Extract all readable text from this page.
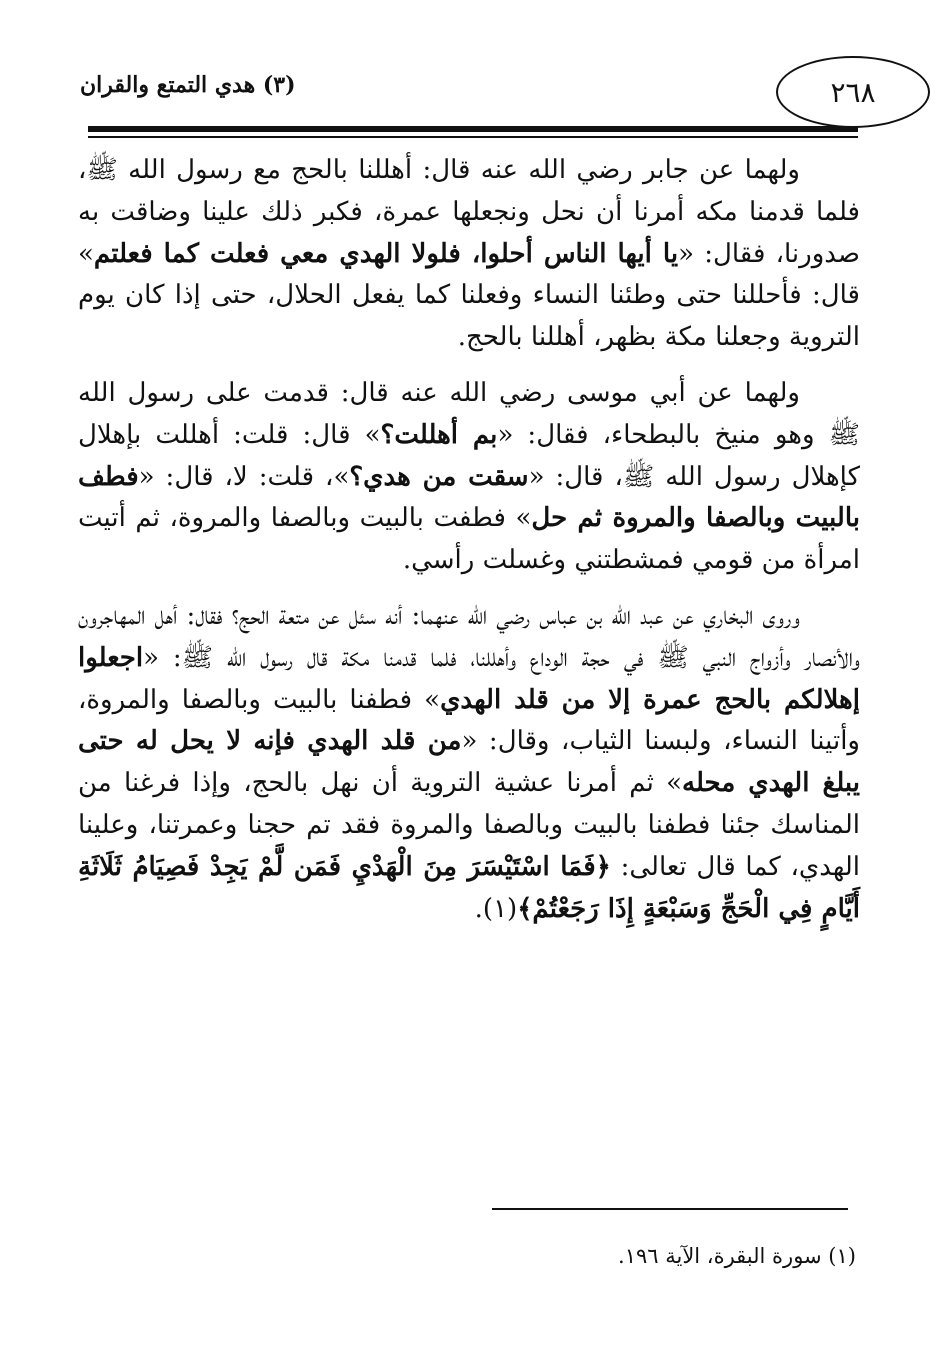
٢٦٨
(٣) هدي التمتع والقران

ولهما عن جابر رضي الله عنه قال: أهللنا بالحج مع رسول الله ﷺ، فلما قدمنا مكه أمرنا أن نحل ونجعلها عمرة، فكبر ذلك علينا وضاقت به صدورنا، فقال: «يا أيها الناس أحلوا، فلولا الهدي معي فعلت كما فعلتم» قال: فأحللنا حتى وطئنا النساء وفعلنا كما يفعل الحلال، حتى إذا كان يوم التروية وجعلنا مكة بظهر، أهللنا بالحج.

ولهما عن أبي موسى رضي الله عنه قال: قدمت على رسول الله ﷺ وهو منيخ بالبطحاء، فقال: «بم أهللت؟» قال: قلت: أهللت بإهلال كإهلال رسول الله ﷺ، قال: «سقت من هدي؟»، قلت: لا، قال: «فطف بالبيت وبالصفا والمروة ثم حل» فطفت بالبيت وبالصفا والمروة، ثم أتيت امرأة من قومي فمشطتني وغسلت رأسي.

وروى البخاري عن عبد الله بن عباس رضي الله عنهما: أنه سئل عن متعة الحج؟ فقال: أهل المهاجرون والأنصار وأزواج النبي ﷺ في حجة الوداع وأهللنا، فلما قدمنا مكة قال رسول الله ﷺ: «اجعلوا إهلالكم بالحج عمرة إلا من قلد الهدي» فطفنا بالبيت وبالصفا والمروة، وأتينا النساء، ولبسنا الثياب، وقال: «من قلد الهدي فإنه لا يحل له حتى يبلغ الهدي محله» ثم أمرنا عشية التروية أن نهل بالحج، وإذا فرغنا من المناسك جئنا فطفنا بالبيت وبالصفا والمروة فقد تم حجنا وعمرتنا، وعلينا الهدي، كما قال تعالى: ﴿فَمَا اسْتَيْسَرَ مِنَ الْهَدْيِ فَمَن لَّمْ يَجِدْ فَصِيَامُ ثَلَاثَةِ أَيَّامٍ فِي الْحَجِّ وَسَبْعَةٍ إِذَا رَجَعْتُمْ﴾(١).

(١) سورة البقرة، الآية ١٩٦.
